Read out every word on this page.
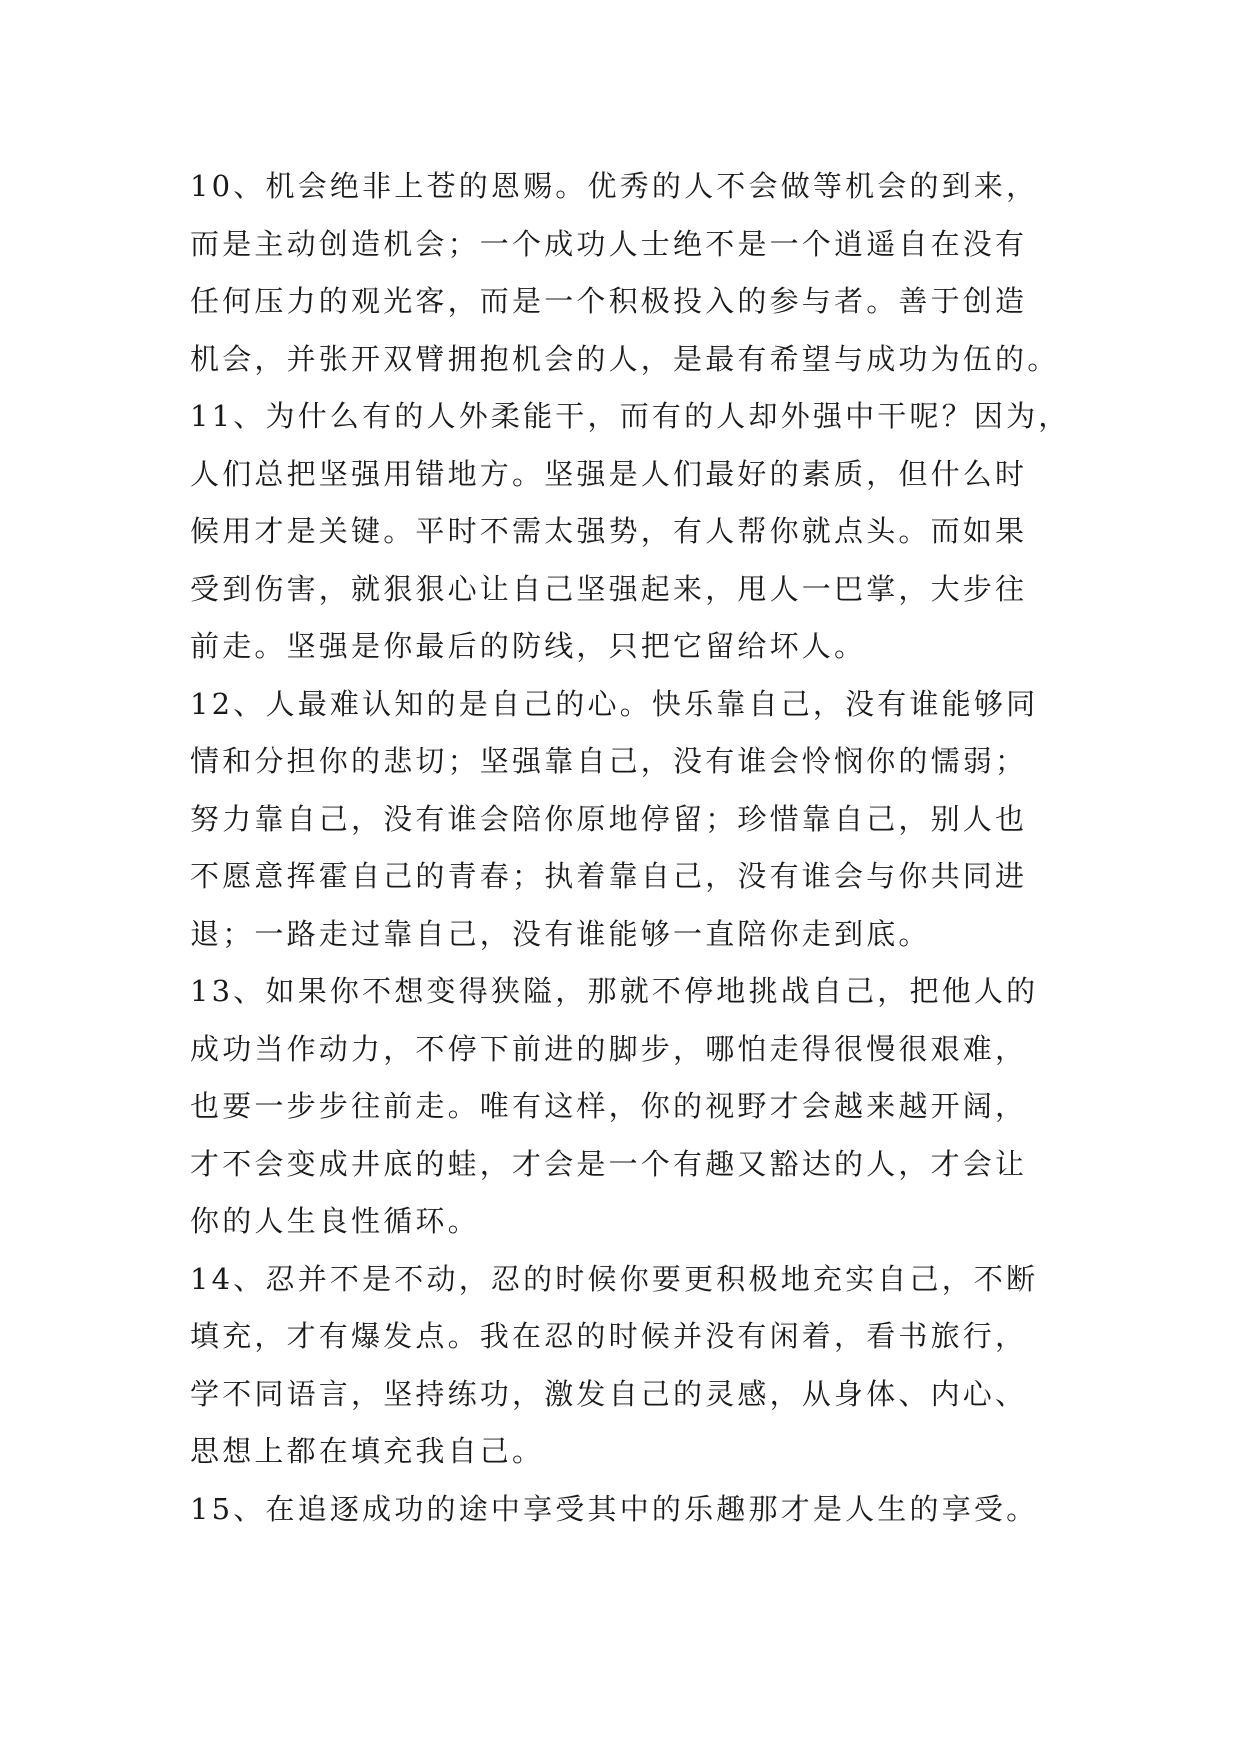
10、机会绝非上苍的恩赐。优秀的人不会做等机会的到来，
而是主动创造机会；一个成功人士绝不是一个逍遥自在没有
任何压力的观光客，而是一个积极投入的参与者。善于创造
机会，并张开双臂拥抱机会的人，是最有希望与成功为伍的。
11、为什么有的人外柔能干，而有的人却外强中干呢？因为，
人们总把坚强用错地方。坚强是人们最好的素质，但什么时
候用才是关键。平时不需太强势，有人帮你就点头。而如果
受到伤害，就狠狠心让自己坚强起来，甩人一巴掌，大步往
前走。坚强是你最后的防线，只把它留给坏人。
12、人最难认知的是自己的心。快乐靠自己，没有谁能够同
情和分担你的悲切；坚强靠自己，没有谁会怜悯你的懦弱；
努力靠自己，没有谁会陪你原地停留；珍惜靠自己，别人也
不愿意挥霍自己的青春；执着靠自己，没有谁会与你共同进
退；一路走过靠自己，没有谁能够一直陪你走到底。
13、如果你不想变得狭隘，那就不停地挑战自己，把他人的
成功当作动力，不停下前进的脚步，哪怕走得很慢很艰难，
也要一步步往前走。唯有这样，你的视野才会越来越开阔，
才不会变成井底的蛙，才会是一个有趣又豁达的人，才会让
你的人生良性循环。
14、忍并不是不动，忍的时候你要更积极地充实自己，不断
填充，才有爆发点。我在忍的时候并没有闲着，看书旅行，
学不同语言，坚持练功，激发自己的灵感，从身体、内心、
思想上都在填充我自己。
15、在追逐成功的途中享受其中的乐趣那才是人生的享受。
